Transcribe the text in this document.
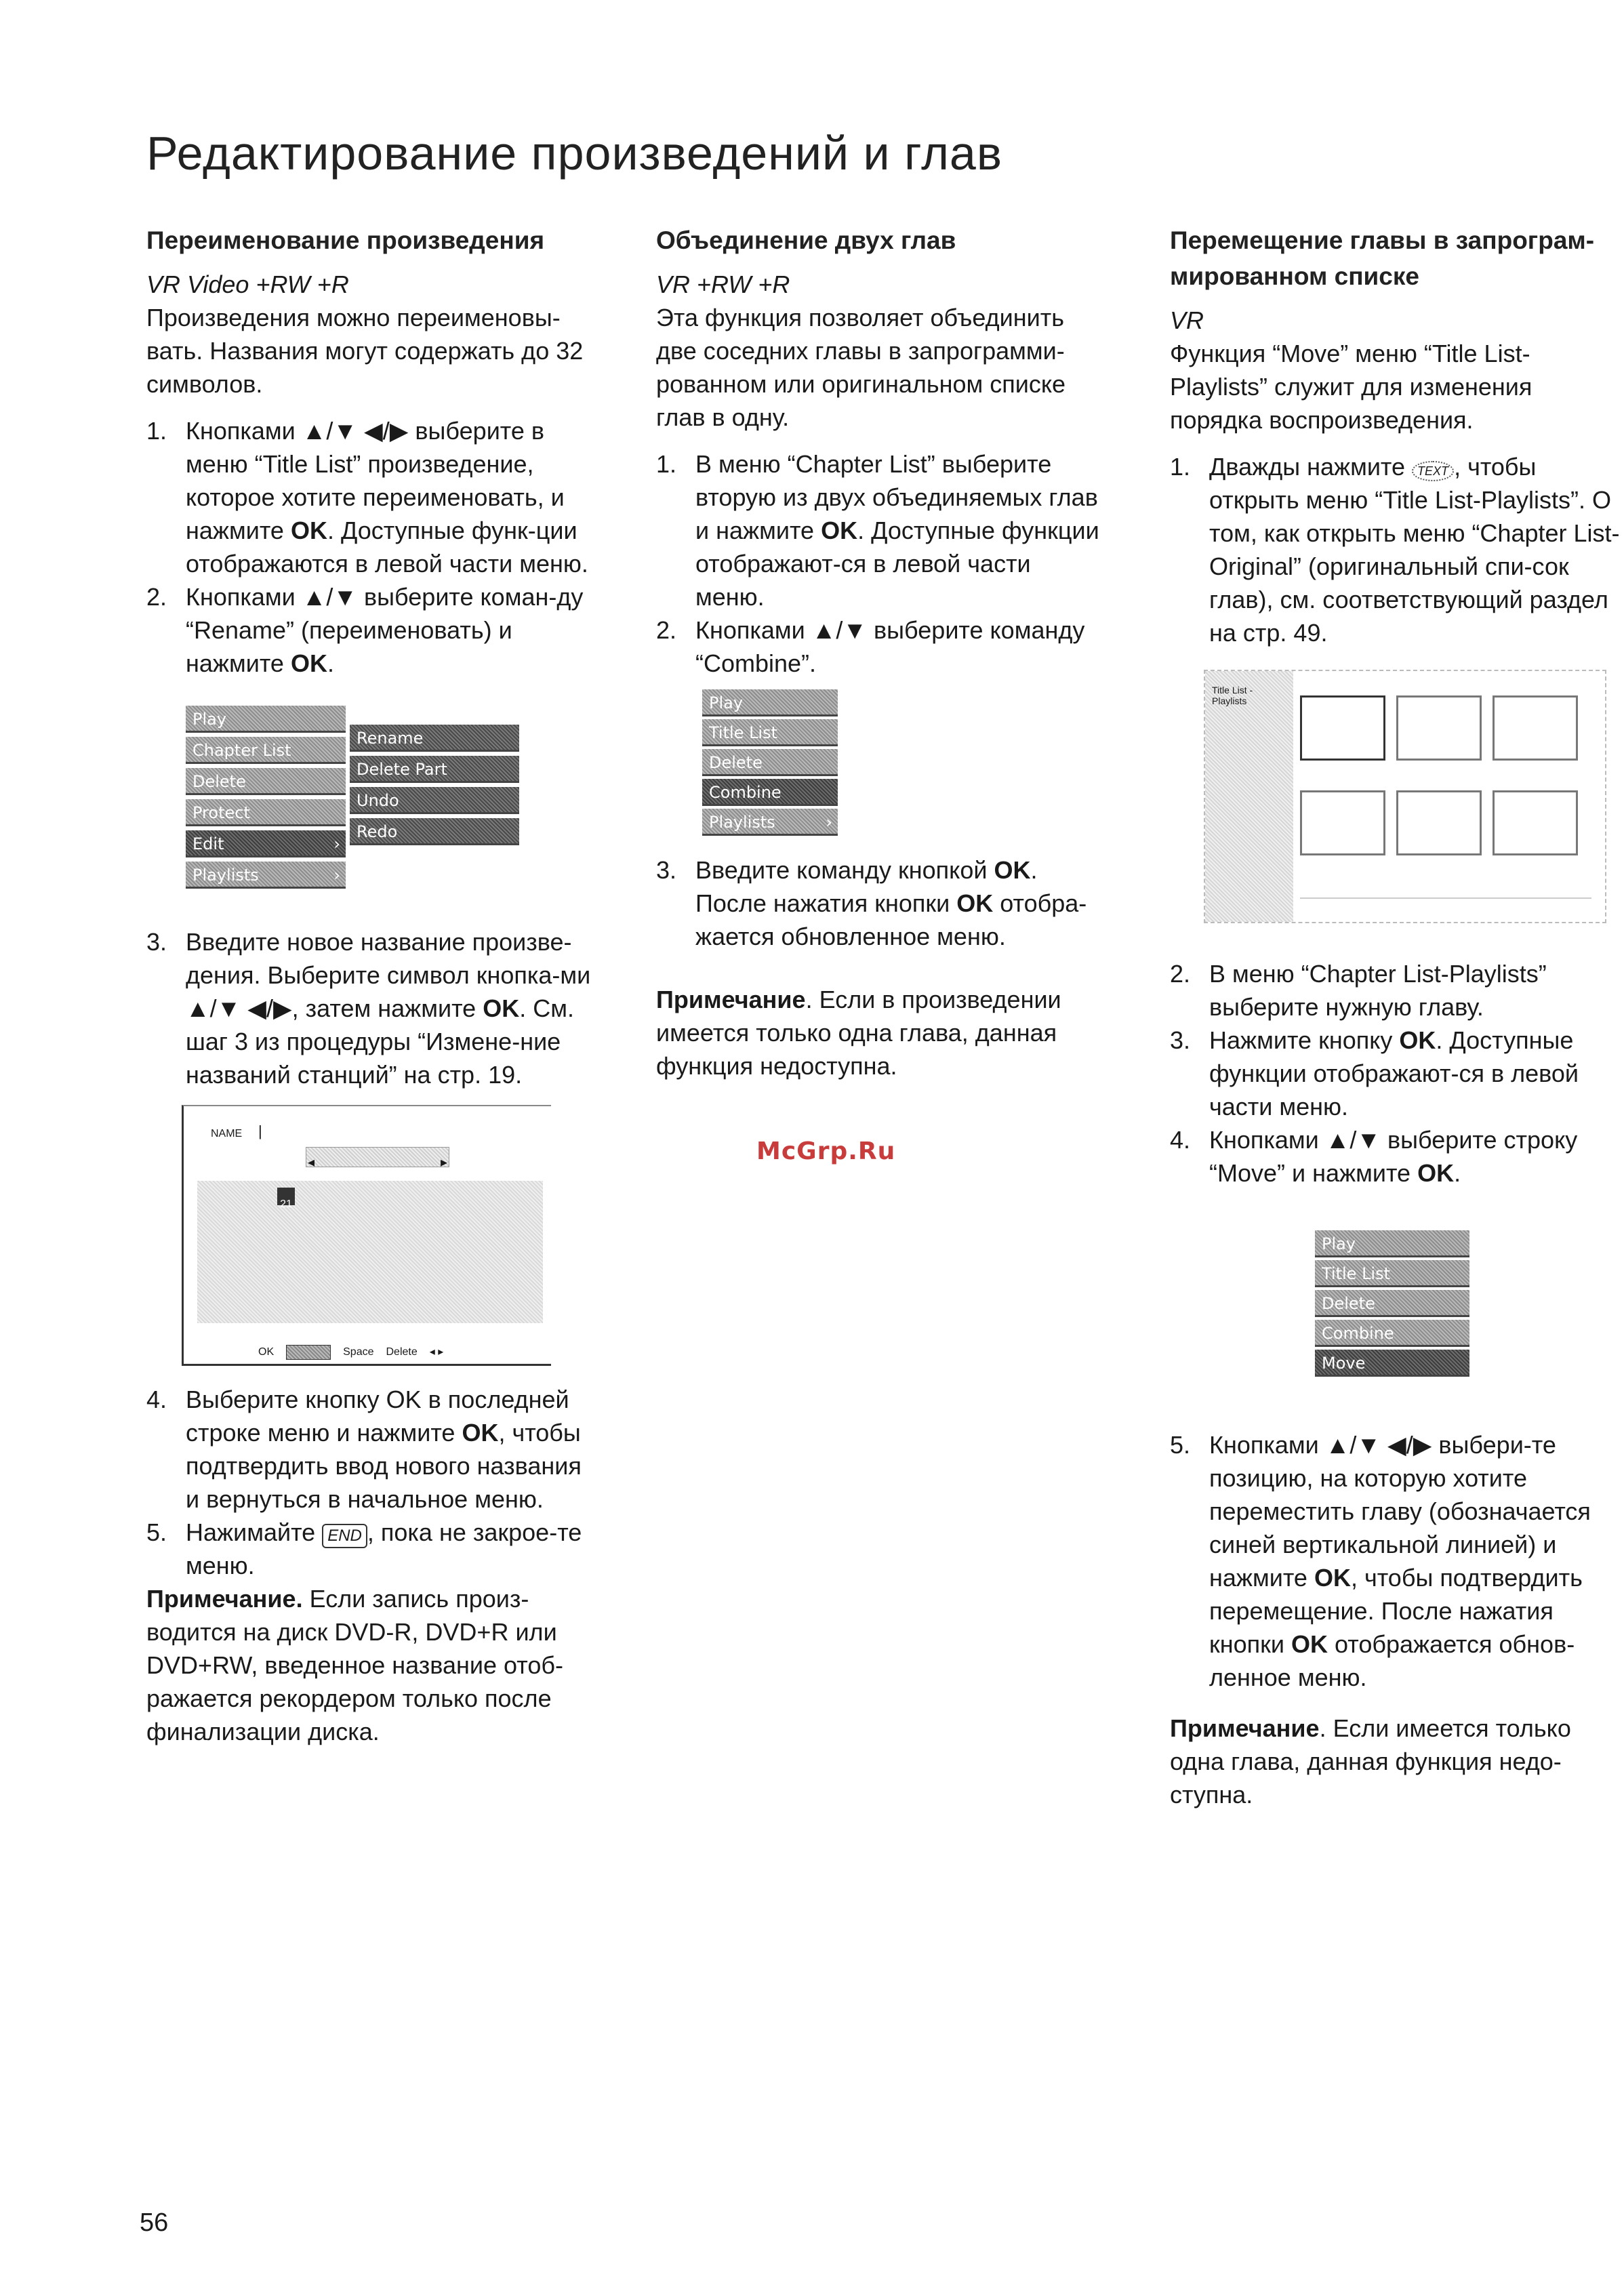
Редактирование произведений и глав

Переименование произведения

VR Video +RW +R

Произведения можно переименовы-вать. Названия могут содержать до 32 символов.

1. Кнопками ▲/▼ ◀/▶ выберите в меню “Title List” произведение, которое хотите переименовать, и нажмите OK. Доступные функ-ции отображаются в левой части меню.
2. Кнопками ▲/▼ выберите коман-ду “Rename” (переименовать) и нажмите OK.
Play
Chapter List
Delete
Protect
Edit	›
Playlists	›
Rename
Delete Part
Undo
Redo
3. Введите новое название произве-дения. Выберите символ кнопка-ми ▲/▼ ◀/▶, затем нажмите OK. См. шаг 3 из процедуры “Измене-ние названий станций” на стр. 19.
NAME |
◂	▸
21
OK	Space Delete ◂ ▸
4. Выберите кнопку OK в последней строке меню и нажмите OK, чтобы подтвердить ввод нового названия и вернуться в начальное меню.
5. Нажимайте END , пока не закрое-те меню.

Примечание. Если запись произ-водится на диск DVD-R, DVD+R или DVD+RW, введенное название отоб-ражается рекордером только после финализации диска.

Объединение двух глав

VR +RW +R

Эта функция позволяет объединить две соседних главы в запрограмми-рованном или оригинальном списке глав в одну.

1. В меню “Chapter List” выберите вторую из двух объединяемых глав и нажмите OK. Доступные функции отображают-ся в левой части меню.
2. Кнопками ▲/▼ выберите команду “Combine”.
Play
Title List
Delete
Combine
Playlists	›
3. Введите команду кнопкой OK. После нажатия кнопки OK отобра-жается обновленное меню.

Примечание. Если в произведении имеется только одна глава, данная функция недоступна.

McGrp.Ru

Перемещение главы в запрограм-мированном списке

VR

Функция “Move” меню “Title List-Playlists” служит для изменения порядка воспроизведения.

1. Дважды нажмите TEXT , чтобы открыть меню “Title List-Playlists”. О том, как открыть меню “Chapter List-Original” (оригинальный спи-сок глав), см. соответствующий раздел на стр. 49.
Title List - Playlists
2. В меню “Chapter List-Playlists” выберите нужную главу.
3. Нажмите кнопку OK. Доступные функции отображают-ся в левой части меню.
4. Кнопками ▲/▼ выберите строку “Move” и нажмите OK.
Play
Title List
Delete
Combine
Move
5. Кнопками ▲/▼ ◀/▶ выбери-те позицию, на которую хотите переместить главу (обозначается синей вертикальной линией) и нажмите OK, чтобы подтвердить перемещение. После нажатия кнопки OK отображается обнов-ленное меню.

Примечание. Если имеется только одна глава, данная функция недо-ступна.

56
